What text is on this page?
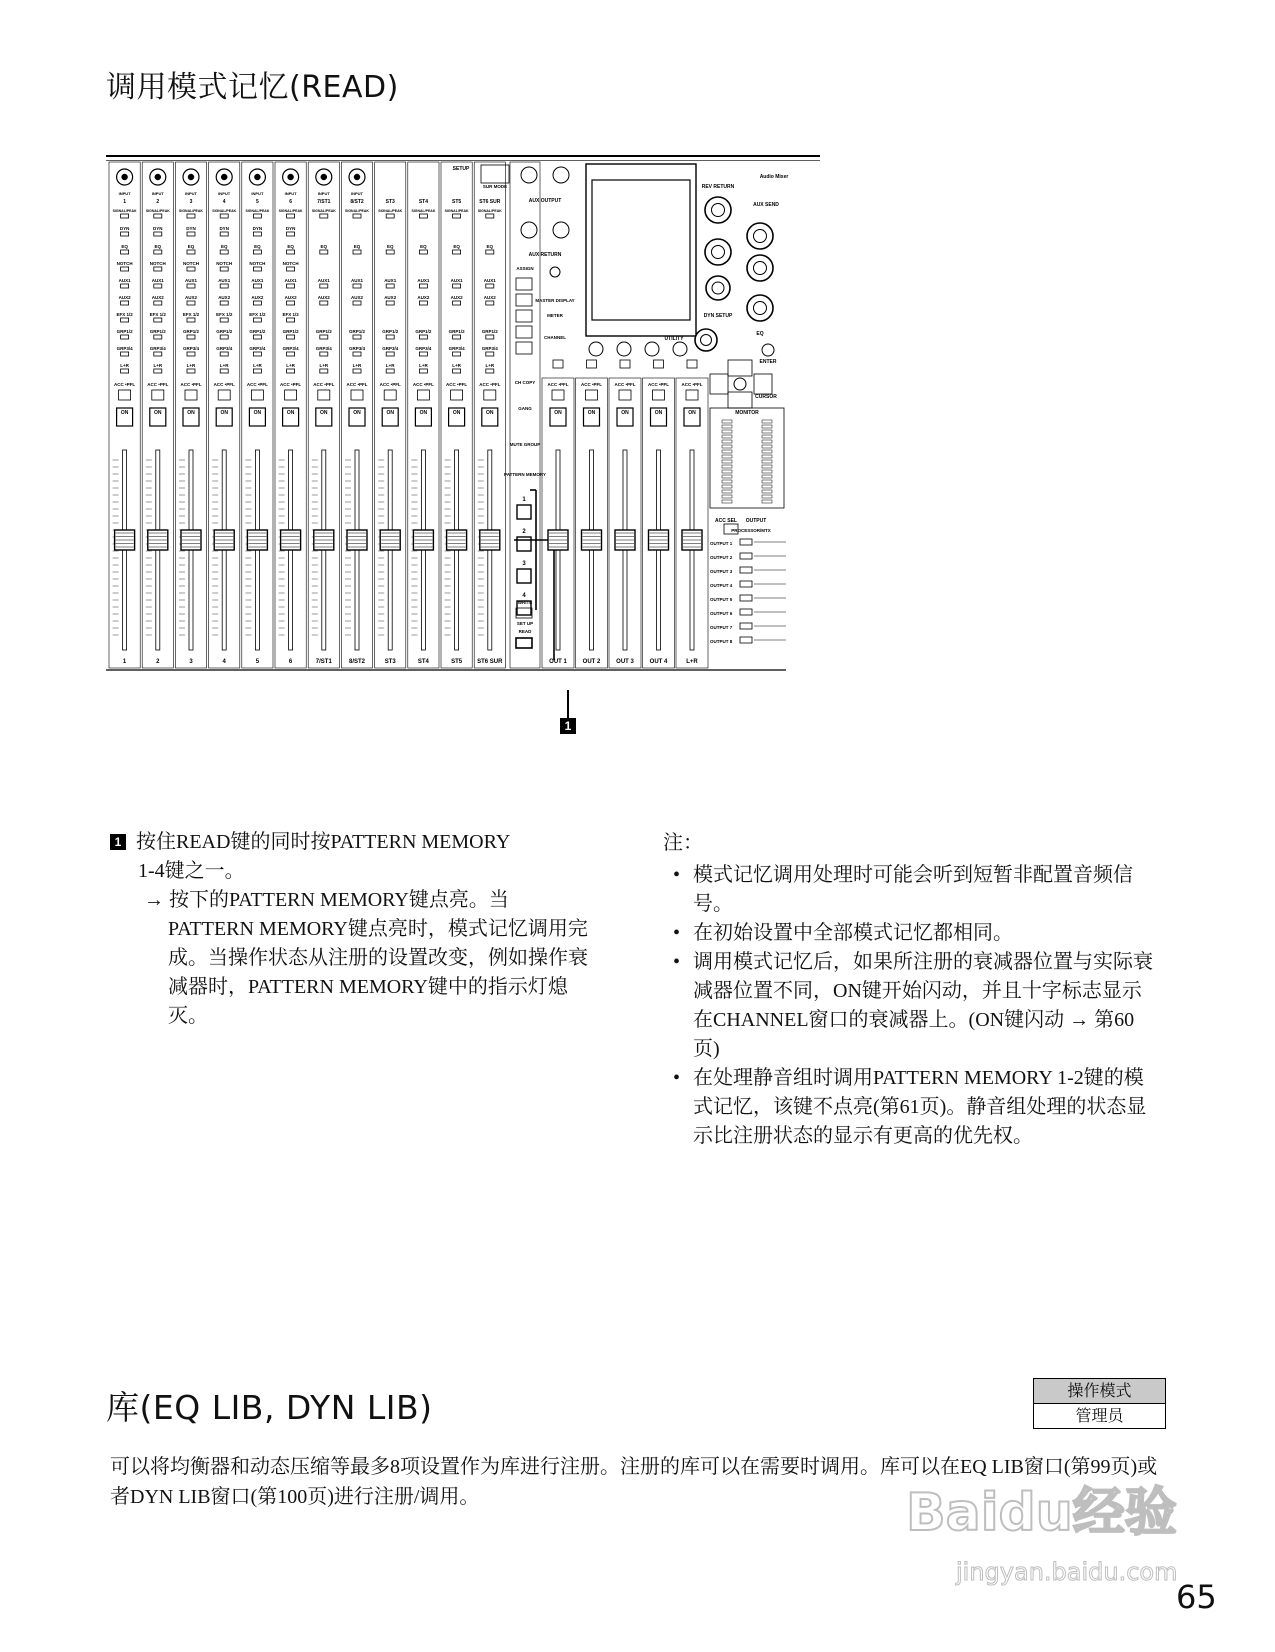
调用模式记忆(READ)
INPUT
1
SIGNAL/PEAK
DYN
EQ
NOTCH
AUX1
AUX2
EFX 1/2
GRP1/2
GRP3/4
L+R
ACC •PFL
ON
1
INPUT
2
SIGNAL/PEAK
DYN
EQ
NOTCH
AUX1
AUX2
EFX 1/2
GRP1/2
GRP3/4
L+R
ACC •PFL
ON
2
INPUT
3
SIGNAL/PEAK
DYN
EQ
NOTCH
AUX1
AUX2
EFX 1/2
GRP1/2
GRP3/4
L+R
ACC •PFL
ON
3
INPUT
4
SIGNAL/PEAK
DYN
EQ
NOTCH
AUX1
AUX2
EFX 1/2
GRP1/2
GRP3/4
L+R
ACC •PFL
ON
4
INPUT
5
SIGNAL/PEAK
DYN
EQ
NOTCH
AUX1
AUX2
EFX 1/2
GRP1/2
GRP3/4
L+R
ACC •PFL
ON
5
INPUT
6
SIGNAL/PEAK
DYN
EQ
NOTCH
AUX1
AUX2
EFX 1/2
GRP1/2
GRP3/4
L+R
ACC •PFL
ON
6
INPUT
7/ST1
SIGNAL/PEAK
EQ
AUX1
AUX2
GRP1/2
GRP3/4
L+R
ACC •PFL
ON
7/ST1
INPUT
8/ST2
SIGNAL/PEAK
EQ
AUX1
AUX2
GRP1/2
GRP3/4
L+R
ACC •PFL
ON
8/ST2
ST3
SIGNAL/PEAK
EQ
AUX1
AUX2
GRP1/2
GRP3/4
L+R
ACC •PFL
ON
ST3
ST4
SIGNAL/PEAK
EQ
AUX1
AUX2
GRP1/2
GRP3/4
L+R
ACC •PFL
ON
ST4
ST5
SIGNAL/PEAK
EQ
AUX1
AUX2
GRP1/2
GRP3/4
L+R
ACC •PFL
ON
ST5
ST6 SUR
SIGNAL/PEAK
EQ
AUX1
AUX2
GRP1/2
GRP3/4
L+R
ACC •PFL
ON
ST6 SUR
ASSIGN
CH COPY
GANG
MUTE GROUP
PATTERN MEMORY
WRITE
SET UP
READ
1
2
3
4
ACC •PFL
ON
OUT 1
ACC •PFL
ON
OUT 2
ACC •PFL
ON
OUT 3
ACC •PFL
ON
OUT 4
ACC •PFL
ON
L+R
AUX OUTPUT
AUX RETURN
SETUP
SUR MODE
MASTER DISPLAY
METER
CHANNEL	UTILITY
REV RETURN
AUX SEND
Audio Mixer
DYN SETUP
EQ
ENTER
CURSOR
MONITOR
ACC SEL OUTPUT
PROCESSOR/MTX
OUTPUT 1
OUTPUT 2
OUTPUT 3
OUTPUT 4
OUTPUT 5
OUTPUT 6
OUTPUT 7
OUTPUT 8
1
1 按住READ键的同时按PATTERN MEMORY
1-4键之一。
→ 按下的PATTERN MEMORY键点亮。当PATTERN MEMORY键点亮时，模式记忆调用完成。当操作状态从注册的设置改变，例如操作衰减器时，PATTERN MEMORY键中的指示灯熄灭。
注：
• 模式记忆调用处理时可能会听到短暂非配置音频信号。
• 在初始设置中全部模式记忆都相同。
• 调用模式记忆后，如果所注册的衰减器位置与实际衰减器位置不同，ON键开始闪动，并且十字标志显示在CHANNEL窗口的衰减器上。(ON键闪动 → 第60页)
• 在处理静音组时调用PATTERN MEMORY 1-2键的模式记忆，该键不点亮(第61页)。静音组处理的状态显示比注册状态的显示有更高的优先权。
库(EQ LIB, DYN LIB)	操作模式
管理员
可以将均衡器和动态压缩等最多8项设置作为库进行注册。注册的库可以在需要时调用。库可以在EQ LIB窗口(第99页)或者DYN LIB窗口(第100页)进行注册/调用。	Baidu经验
jingyan.baidu.com
65
